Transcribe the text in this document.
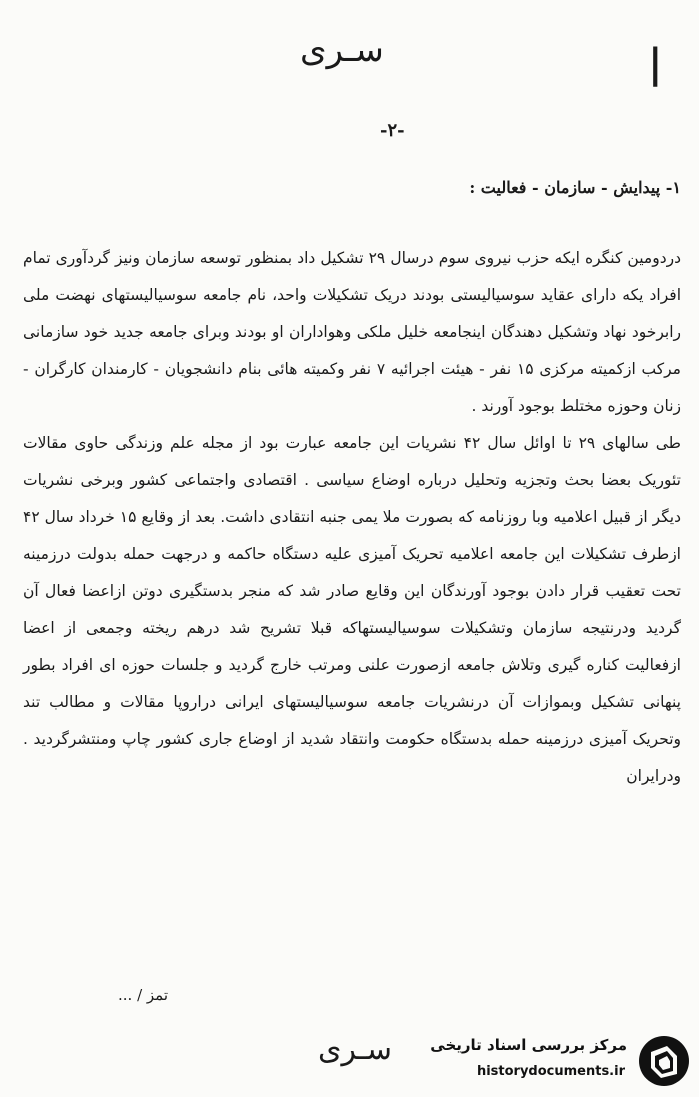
سـری	|
-۲-
۱- پیدایش - سازمان - فعالیت :

دردومین کنگره ایکه حزب نیروی سوم درسال ۲۹ تشکیل داد بمنظور توسعه سازمان ونیز گردآوری تمام افراد یکه دارای عقاید سوسیالیستی بودند دریک تشکیلات واحد، نام جامعه سوسیالیستهای نهضت ملی رابرخود نهاد وتشکیل دهندگان اینجامعه خلیل ملکی وهواداران او بودند وبرای جامعه جدید خود سازمانی مرکب ازکمیته مرکزی ۱۵ نفر - هیئت اجرائیه ۷ نفر وکمیته هائی بنام دانشجویان - کارمندان کارگران - زنان وحوزه مختلط بوجود آورند .

طی سالهای ۲۹ تا اوائل سال ۴۲ نشریات این جامعه عبارت بود از مجله علم وزندگی حاوی مقالات تئوریک بعضا بحث وتجزیه وتحلیل درباره اوضاع سیاسی . اقتصادی واجتماعی کشور وبرخی نشریات دیگر از قبیل اعلامیه وبا روزنامه که بصورت ملا یمی جنبه انتقادی داشت. بعد از وقایع ۱۵ خرداد سال ۴۲ ازطرف تشکیلات این جامعه اعلامیه تحریک آمیزی علیه دستگاه حاکمه و درجهت حمله بدولت درزمینه تحت تعقیب قرار دادن بوجود آورندگان این وقایع صادر شد که منجر بدستگیری دوتن ازاعضا فعال آن گردید ودرنتیجه سازمان وتشکیلات سوسیالیستهاکه قبلا تشریح شد درهم ریخته وجمعی از اعضا ازفعالیت کناره گیری وتلاش جامعه ازصورت علنی ومرتب خارج گردید و جلسات حوزه ای افراد بطور پنهانی تشکیل وبموازات آن درنشریات جامعه سوسیالیستهای ایرانی دراروپا مقالات و مطالب تند وتحریک آمیزی درزمینه حمله بدستگاه حکومت وانتقاد شدید از اوضاع جاری کشور چاپ ومنتشرگردید . ودرایران

تمز / ...
سـری	مرکز بررسی اسناد تاریخی
historydocuments.ir
